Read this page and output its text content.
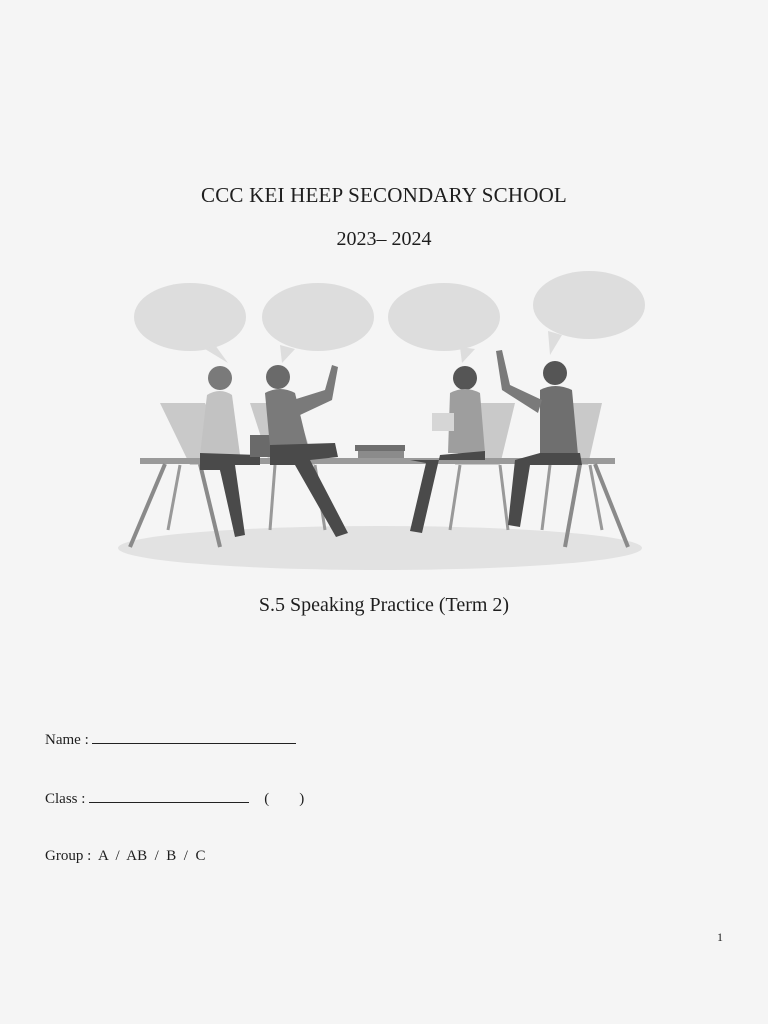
CCC KEI HEEP SECONDARY SCHOOL
2023– 2024
S.5 Speaking Practice (Term 2)
Name :
Class :	( )
Group : A  /  AB  /  B  /  C
1
